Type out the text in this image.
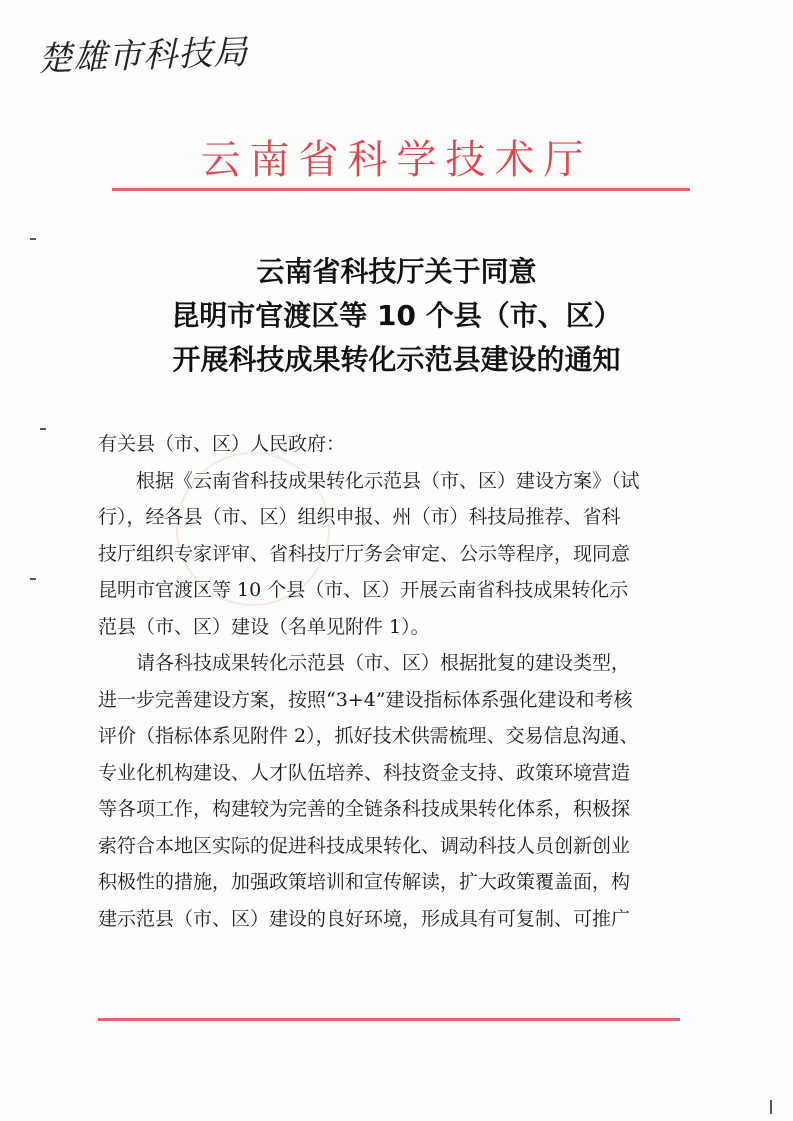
楚雄市科技局
云南省科学技术厅
云南省科技厅关于同意
昆明市官渡区等 10 个县（市、区）
开展科技成果转化示范县建设的通知

有关县（市、区）人民政府：

根据《云南省科技成果转化示范县（市、区）建设方案》（试
行），经各县（市、区）组织申报、州（市）科技局推荐、省科
技厅组织专家评审、省科技厅厅务会审定、公示等程序，现同意
昆明市官渡区等 10 个县（市、区）开展云南省科技成果转化示
范县（市、区）建设（名单见附件 1）。

请各科技成果转化示范县（市、区）根据批复的建设类型，
进一步完善建设方案，按照“3+4”建设指标体系强化建设和考核
评价（指标体系见附件 2），抓好技术供需梳理、交易信息沟通、
专业化机构建设、人才队伍培养、科技资金支持、政策环境营造
等各项工作，构建较为完善的全链条科技成果转化体系，积极探
索符合本地区实际的促进科技成果转化、调动科技人员创新创业
积极性的措施，加强政策培训和宣传解读，扩大政策覆盖面，构
建示范县（市、区）建设的良好环境，形成具有可复制、可推广
